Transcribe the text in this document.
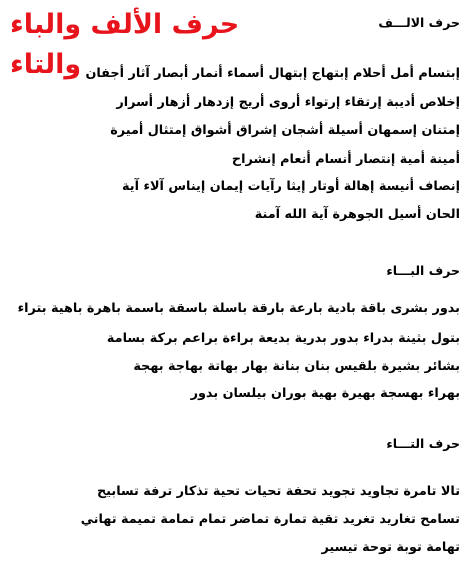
حرف الألف والباء والتاء
حرف الالـــف
إبتسام أمل أحلام إبتهاج إبتهال أسماء أنمار أبصار آثار أجفان
إخلاص أديبة إرتقاء إرتواء أروى أريج إزدهار أزهار أسرار
إمتنان إسمهان أسيلة أشجان إشراق أشواق إمتثال أميرة
أمينة أمية إنتصار أنسام أنعام إنشراح
إنصاف أنيسة إهالة أوتار إيثا رآيات إيمان إيناس آلاء آية
الحان أسيل الجوهرة آية الله آمنة
حرف البـــاء
بدور بشرى باقة بادية بارعة بارقة باسلة باسقة باسمة باهرة باهية بتراء
بتول بثينة بدراء بدور بدرية بديعة براءة براعم بركة بسامة
بشائر بشيرة بلقيس بنان بنانة بهار بهاتة بهاجة بهجة
بهراء بهسجة بهيرة بهية بوران بيلسان بدور
حرف التـــاء
تالا تامرة تجاويد تجويد تحفة تحيات تحية تذكار ترفة تسابيح
تسامح تغاريد تغريد تقية تمارة تماضر تمام تمامة تميمة تهاني
تهامة توبة توحة تيسير
